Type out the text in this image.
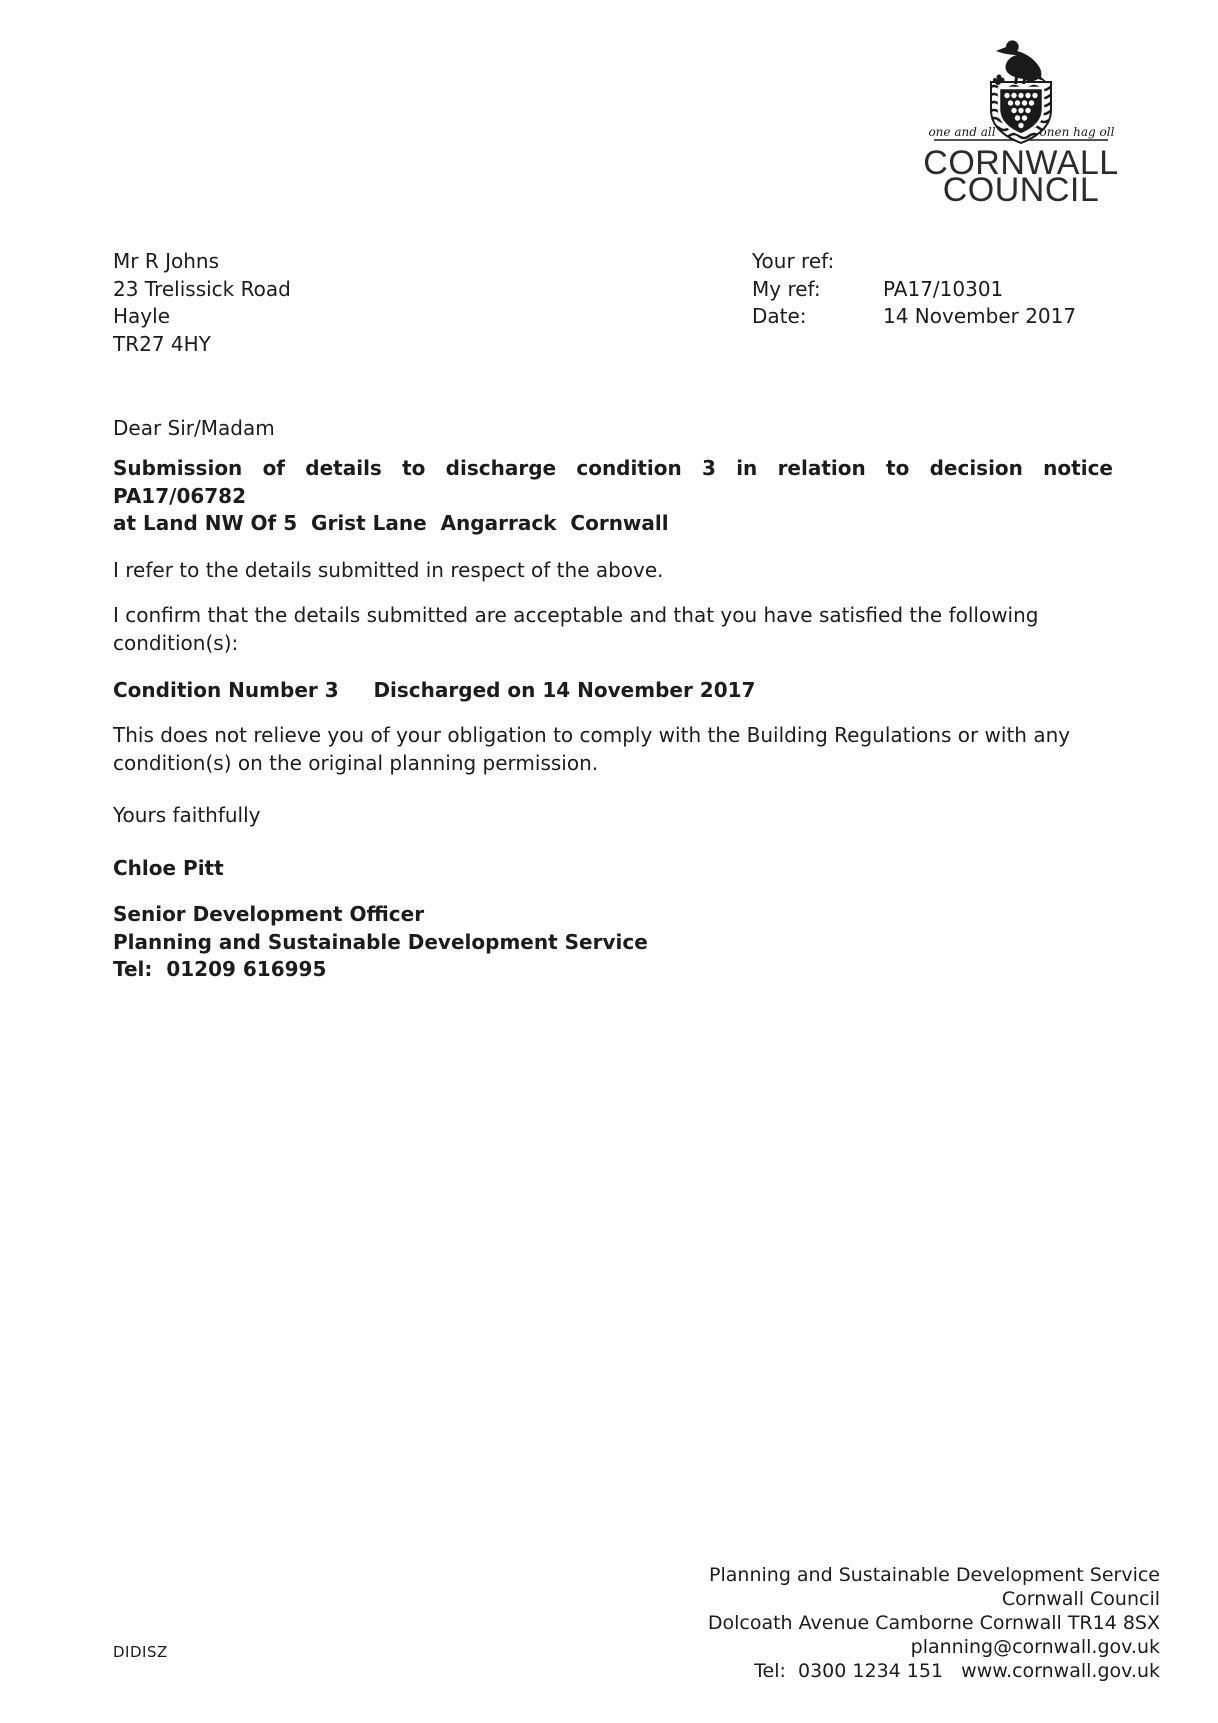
one and all	onen hag oll
CORNWALL
COUNCIL
Mr R Johns
23 Trelissick Road
Hayle
TR27 4HY
Your ref:
My ref:	PA17/10301
Date:	14 November 2017
Dear Sir/Madam
Submission of details to discharge condition 3 in relation to decision notice
PA17/06782
at Land NW Of 5  Grist Lane  Angarrack  Cornwall
I refer to the details submitted in respect of the above.
I confirm that the details submitted are acceptable and that you have satisfied the following condition(s):
Condition Number 3     Discharged on 14 November 2017
This does not relieve you of your obligation to comply with the Building Regulations or with any condition(s) on the original planning permission.
Yours faithfully
Chloe Pitt
Senior Development Officer
Planning and Sustainable Development Service
Tel:  01209 616995
Planning and Sustainable Development Service
Cornwall Council
Dolcoath Avenue Camborne Cornwall TR14 8SX
planning@cornwall.gov.uk
Tel:  0300 1234 151   www.cornwall.gov.uk
DIDISZ
